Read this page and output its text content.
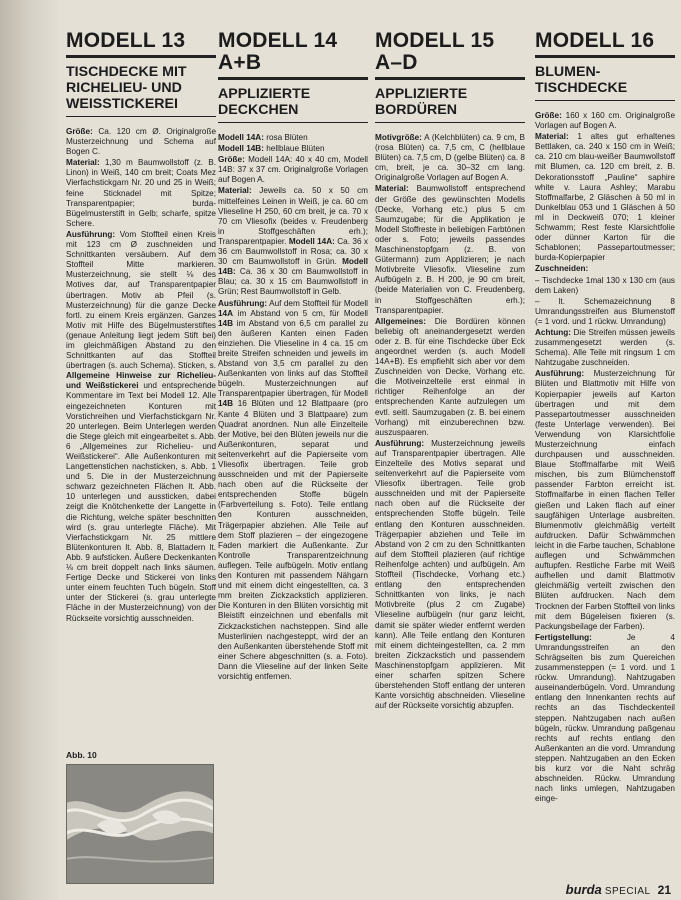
MODELL 13
TISCHDECKE MIT
RICHELIEU- UND
WEISSTICKEREI

Größe: Ca. 120 cm Ø. Originalgroße Musterzeichnung und Schema auf Bogen C.

Material: 1,30 m Baumwollstoff (z. B. Linon) in Weiß, 140 cm breit; Coats Mez Vierfachstickgarn Nr. 20 und 25 in Weiß; feine Sticknadel mit Spitze; Transparentpapier; burda-Bügelmusterstift in Gelb; scharfe, spitze Schere.

Ausführung: Vom Stoffteil einen Kreis mit 123 cm Ø zuschneiden und Schnittkanten versäubern. Auf dem Stoffteil Mitte markieren. Musterzeichnung, sie stellt ⅛ des Motives dar, auf Transparentpapier übertragen. Motiv ab Pfeil (s. Musterzeichnung) für die ganze Decke fortl. zu einem Kreis ergänzen. Ganzes Motiv mit Hilfe des Bügelmusterstiftes (genaue Anleitung liegt jedem Stift bei) im gleichmäßigen Abstand zu den Schnittkanten auf das Stoffteil übertragen (s. auch Schema). Sticken, s. Allgemeine Hinweise zur Richelieu- und Weißstickerei und entsprechende Kommentare im Text bei Modell 12. Alle eingezeichneten Konturen mit Vorstichreihen und Vierfachstickgarn Nr. 20 unterlegen. Beim Unterlegen werden die Stege gleich mit eingearbeitet s. Abb. 6 „Allgemeines zur Richelieu- und Weißstickerei“. Alle Außenkonturen mit Langettenstichen nachsticken, s. Abb. 1 und 5. Die in der Musterzeichnung schwarz gezeichneten Flächen lt. Abb. 10 unterlegen und aussticken, dabei zeigt die Knötchenkette der Langette in die Richtung, welche später beschnitten wird (s. grau unterlegte Fläche). Mit Vierfachstickgarn Nr. 25 mittlere Blütenkonturen lt. Abb. 8, Blattadern lt. Abb. 9 aufsticken. Äußere Deckenkanten ⅛ cm breit doppelt nach links säumen. Fertige Decke und Stickerei von links unter einem feuchten Tuch bügeln. Stoff unter der Stickerei (s. grau unterlegte Fläche in der Musterzeichnung) von der Rückseite vorsichtig ausschneiden.

MODELL 14
A+B
APPLIZIERTE
DECKCHEN

Modell 14A: rosa Blüten

Modell 14B: hellblaue Blüten

Größe: Modell 14A: 40 x 40 cm, Modell 14B: 37 x 37 cm. Originalgroße Vorlagen auf Bogen A.

Material: Jeweils ca. 50 x 50 cm mittelfeines Leinen in Weiß, je ca. 60 cm Vlieseline H 250, 60 cm breit, je ca. 70 x 70 cm Vliesofix (beides v. Freudenberg in Stoffgeschäften erh.); Transparentpapier. Modell 14A: Ca. 36 x 36 cm Baumwollstoff in Rosa; ca. 30 x 30 cm Baumwollstoff in Grün. Modell 14B: Ca. 36 x 30 cm Baumwollstoff in Blau; ca. 30 x 15 cm Baumwollstoff in Grün; Rest Baumwollstoff in Gelb.

Ausführung: Auf dem Stoffteil für Modell 14A im Abstand von 5 cm, für Modell 14B im Abstand von 6,5 cm parallel zu den äußeren Kanten einen Faden einziehen. Die Vlieseline in 4 ca. 15 cm breite Streifen schneiden und jeweils im Abstand von 3,5 cm parallel zu den Außenkanten von links auf das Stoffteil bügeln. Musterzeichnungen auf Transparentpapier übertragen, für Modell 14B 16 Blüten und 12 Blattpaare (pro Kante 4 Blüten und 3 Blattpaare) zum Quadrat anordnen. Nun alle Einzelteile der Motive, bei den Blüten jeweils nur die Außenkonturen, separat und seitenverkehrt auf die Papierseite vom Vliesofix übertragen. Teile grob ausschneiden und mit der Papierseite nach oben auf die Rückseite der entsprechenden Stoffe bügeln (Farbverteilung s. Foto). Teile entlang den Konturen ausschneiden, Trägerpapier abziehen. Alle Teile auf dem Stoff plazieren – der eingezogene Faden markiert die Außenkante. Zur Kontrolle Transparentzeichnung auflegen. Teile aufbügeln. Motiv entlang den Konturen mit passendem Nähgarn und mit einem dicht eingestellten, ca. 3 mm breiten Zickzackstich applizieren. Die Konturen in den Blüten vorsichtig mit Bleistift einzeichnen und ebenfalls mit Zickzackstichen nachsteppen. Sind alle Musterlinien nachgesteppt, wird der an den Außenkanten überstehende Stoff mit einer Schere abgeschnitten (s. a. Foto). Dann die Vlieseline auf der linken Seite vorsichtig entfernen.

MODELL 15
A–D
APPLIZIERTE
BORDÜREN

Motivgröße: A (Kelchblüten) ca. 9 cm, B (rosa Blüten) ca. 7,5 cm, C (hellblaue Blüten) ca. 7,5 cm, D (gelbe Blüten) ca. 8 cm, breit, je ca. 30–32 cm lang. Originalgroße Vorlagen auf Bogen A.

Material: Baumwollstoff entsprechend der Größe des gewünschten Modells (Decke, Vorhang etc.) plus 5 cm Saumzugabe; für die Applikation je Modell Stoffreste in beliebigen Farbtönen oder s. Foto; jeweils passendes Maschinenstopfgarn (z. B. von Gütermann) zum Applizieren; je nach Motivbreite Vliesofix. Vlieseline zum Aufbügeln z. B. H 200, je 90 cm breit, (beide Materialien von C. Freudenberg, in Stoffgeschäften erh.); Transparentpapier.

Allgemeines: Die Bordüren können beliebig oft aneinandergesetzt werden oder z. B. für eine Tischdecke über Eck angeordnet werden (s. auch Modell 14A+B). Es empfiehlt sich aber vor dem Zuschneiden von Decke, Vorhang etc. die Motiveinzelteile erst einmal in richtiger Reihenfolge an der entsprechenden Kante aufzulegen um evtl. seitl. Saumzugaben (z. B. bei einem Vorhang) mit einzuberechnen bzw. auszuspaaren.

Ausführung: Musterzeichnung jeweils auf Transparentpapier übertragen. Alle Einzelteile des Motivs separat und seitenverkehrt auf die Papierseite vom Vliesofix übertragen. Teile grob ausschneiden und mit der Papierseite nach oben auf die Rückseite der entsprechenden Stoffe bügeln. Teile entlang den Konturen ausschneiden. Trägerpapier abziehen und Teile im Abstand von 2 cm zu den Schnittkanten auf dem Stoffteil plazieren (auf richtige Reihenfolge achten) und aufbügeln. Am Stoffteil (Tischdecke, Vorhang etc.) entlang den entsprechenden Schnittkanten von links, je nach Motivbreite (plus 2 cm Zugabe) Vlieseline aufbügeln (nur ganz leicht, damit sie später wieder entfernt werden kann). Alle Teile entlang den Konturen mit einem dichteingestellten, ca. 2 mm breiten Zickzackstich und passendem Maschinenstopfgarn applizieren. Mit einer scharfen spitzen Schere überstehenden Stoff entlang der unteren Kante vorsichtig abschneiden. Vlieseline auf der Rückseite vorsichtig abzupfen.

MODELL 16
BLUMEN-
TISCHDECKE

Größe: 160 x 160 cm. Originalgroße Vorlagen auf Bogen A.

Material: 1 altes gut erhaltenes Bettlaken, ca. 240 x 150 cm in Weiß; ca. 210 cm blau-weißer Baumwollstoff mit Blumen, ca. 120 cm breit, z. B. Dekorationsstoff „Pauline“ saphire white v. Laura Ashley; Marabu Stoffmalfarbe, 2 Gläschen à 50 ml in Dunkelblau 053 und 1 Gläschen à 50 ml in Deckweiß 070; 1 kleiner Schwamm; Rest feste Klarsichtfolie oder dünner Karton für die Schablonen; Passepartoutmesser; burda-Kopierpapier

Zuschneiden:

– Tischdecke 1mal 130 x 130 cm (aus dem Laken)

– lt. Schemazeichnung 8 Umrandungsstreifen aus Blumenstoff (= 1 vord. und 1 rückw. Umrandung)

Achtung: Die Streifen müssen jeweils zusammengesetzt werden (s. Schema). Alle Teile mit ringsum 1 cm Nahtzugabe zuschneiden.

Ausführung: Musterzeichnung für Blüten und Blattmotiv mit Hilfe von Kopierpapier jeweils auf Karton übertragen und mit dem Passepartoutmesser ausschneiden (feste Unterlage verwenden). Bei Verwendung von Klarsichtfolie Musterzeichnung einfach durchpausen und ausschneiden. Blaue Stoffmalfarbe mit Weiß mischen, bis zum Blümchenstoff passender Farbton erreicht ist. Stoffmalfarbe in einen flachen Teller gießen und Laken flach auf einer saugfähigen Unterlage ausbreiten. Blumenmotiv gleichmäßig verteilt aufdrucken. Dafür Schwämmchen leicht in die Farbe tauchen, Schablone auflegen und Schwämmchen auftupfen. Restliche Farbe mit Weiß aufhellen und damit Blattmotiv gleichmäßig verteilt zwischen den Blüten aufdrucken. Nach dem Trocknen der Farben Stoffteil von links mit dem Bügeleisen fixieren (s. Packungsbeilage der Farben).

Fertigstellung: Je 4 Umrandungsstreifen an den Schrägseiten bis zum Quereichen zusammensteppen (= 1 vord. und 1 rückw. Umrandung). Nahtzugaben auseinanderbügeln. Vord. Umrandung entlang den Innenkanten rechts auf rechts an das Tischdeckenteil steppen. Nahtzugaben nach außen bügeln, rückw. Umrandung paßgenau rechts auf rechts entlang den Außenkanten an die vord. Umrandung steppen. Nahtzugaben an den Ecken bis kurz vor die Naht schräg abschneiden. Rückw. Umrandung nach links umlegen, Nahtzugaben einge-

Abb. 10
burda SPECIAL 21
